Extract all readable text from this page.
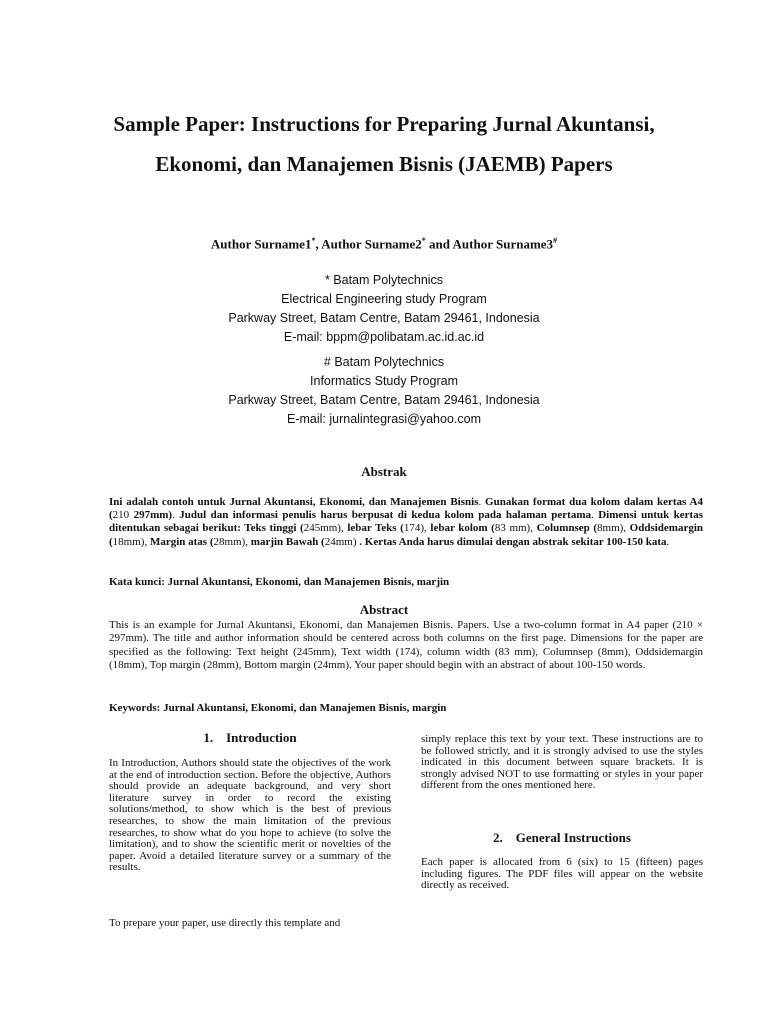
Sample Paper: Instructions for Preparing Jurnal Akuntansi, Ekonomi, dan Manajemen Bisnis (JAEMB) Papers
Author Surname1*, Author Surname2* and Author Surname3#
* Batam Polytechnics
Electrical Engineering study Program
Parkway Street, Batam Centre, Batam 29461, Indonesia
E-mail: bppm@polibatam.ac.id.ac.id
# Batam Polytechnics
Informatics Study Program
Parkway Street, Batam Centre, Batam 29461, Indonesia
E-mail: jurnalintegrasi@yahoo.com
Abstrak
Ini adalah contoh untuk Jurnal Akuntansi, Ekonomi, dan Manajemen Bisnis. Gunakan format dua kolom dalam kertas A4 (210 297mm). Judul dan informasi penulis harus berpusat di kedua kolom pada halaman pertama. Dimensi untuk kertas ditentukan sebagai berikut: Teks tinggi (245mm), lebar Teks (174), lebar kolom (83 mm), Columnsep (8mm), Oddsidemargin (18mm), Margin atas (28mm), marjin Bawah (24mm) . Kertas Anda harus dimulai dengan abstrak sekitar 100-150 kata.
Kata kunci: Jurnal Akuntansi, Ekonomi, dan Manajemen Bisnis, marjin
Abstract
This is an example for Jurnal Akuntansi, Ekonomi, dan Manajemen Bisnis. Papers. Use a two-column format in A4 paper (210 × 297mm). The title and author information should be centered across both columns on the first page. Dimensions for the paper are specified as the following: Text height (245mm), Text width (174), column width (83 mm), Columnsep (8mm), Oddsidemargin (18mm), Top margin (28mm), Bottom margin (24mm). Your paper should begin with an abstract of about 100-150 words.
Keywords: Jurnal Akuntansi, Ekonomi, dan Manajemen Bisnis, margin
1.    Introduction
In Introduction, Authors should state the objectives of the work at the end of introduction section. Before the objective, Authors should provide an adequate background, and very short literature survey in order to record the existing solutions/method, to show which is the best of previous researches, to show the main limitation of the previous researches, to show what do you hope to achieve (to solve the limitation), and to show the scientific merit or novelties of the paper. Avoid a detailed literature survey or a summary of the results.
To prepare your paper, use directly this template and
simply replace this text by your text. These instructions are to be followed strictly, and it is strongly advised to use the styles indicated in this document between square brackets. It is strongly advised NOT to use formatting or styles in your paper different from the ones mentioned here.
2.    General Instructions
Each paper is allocated from 6 (six) to 15 (fifteen) pages including figures. The PDF files will appear on the website directly as received.
